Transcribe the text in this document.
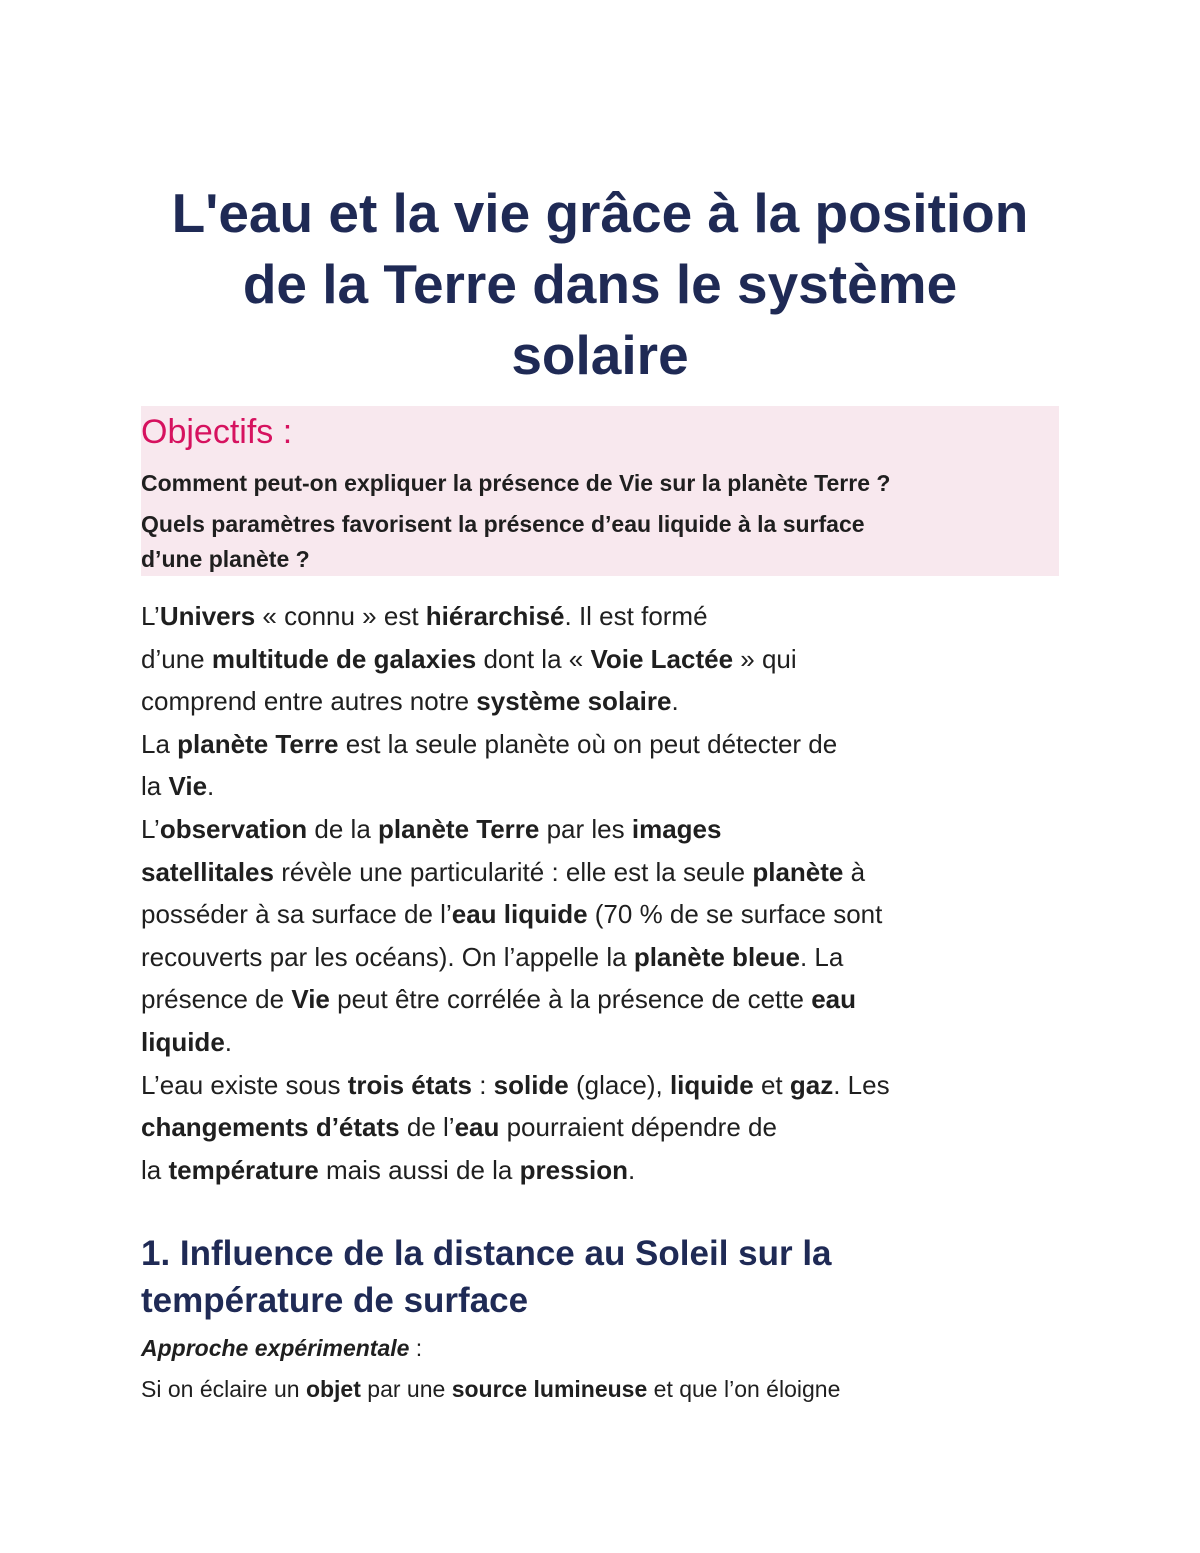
L'eau et la vie grâce à la position
de la Terre dans le système
solaire
Objectifs :
Comment peut-on expliquer la présence de Vie sur la planète Terre ?
Quels paramètres favorisent la présence d’eau liquide à la surface
d’une planète ?
L’Univers « connu » est hiérarchisé. Il est formé
d’une multitude de galaxies dont la « Voie Lactée » qui
comprend entre autres notre système solaire.
La planète Terre est la seule planète où on peut détecter de
la Vie.
L’observation de la planète Terre par les images
satellitales révèle une particularité : elle est la seule planète à
posséder à sa surface de l’eau liquide (70 % de se surface sont
recouverts par les océans). On l’appelle la planète bleue. La
présence de Vie peut être corrélée à la présence de cette eau
liquide.
L’eau existe sous trois états : solide (glace), liquide et gaz. Les
changements d’états de l’eau pourraient dépendre de
la température mais aussi de la pression.
1. Influence de la distance au Soleil sur la
température de surface
Approche expérimentale :
Si on éclaire un objet par une source lumineuse et que l’on éloigne
